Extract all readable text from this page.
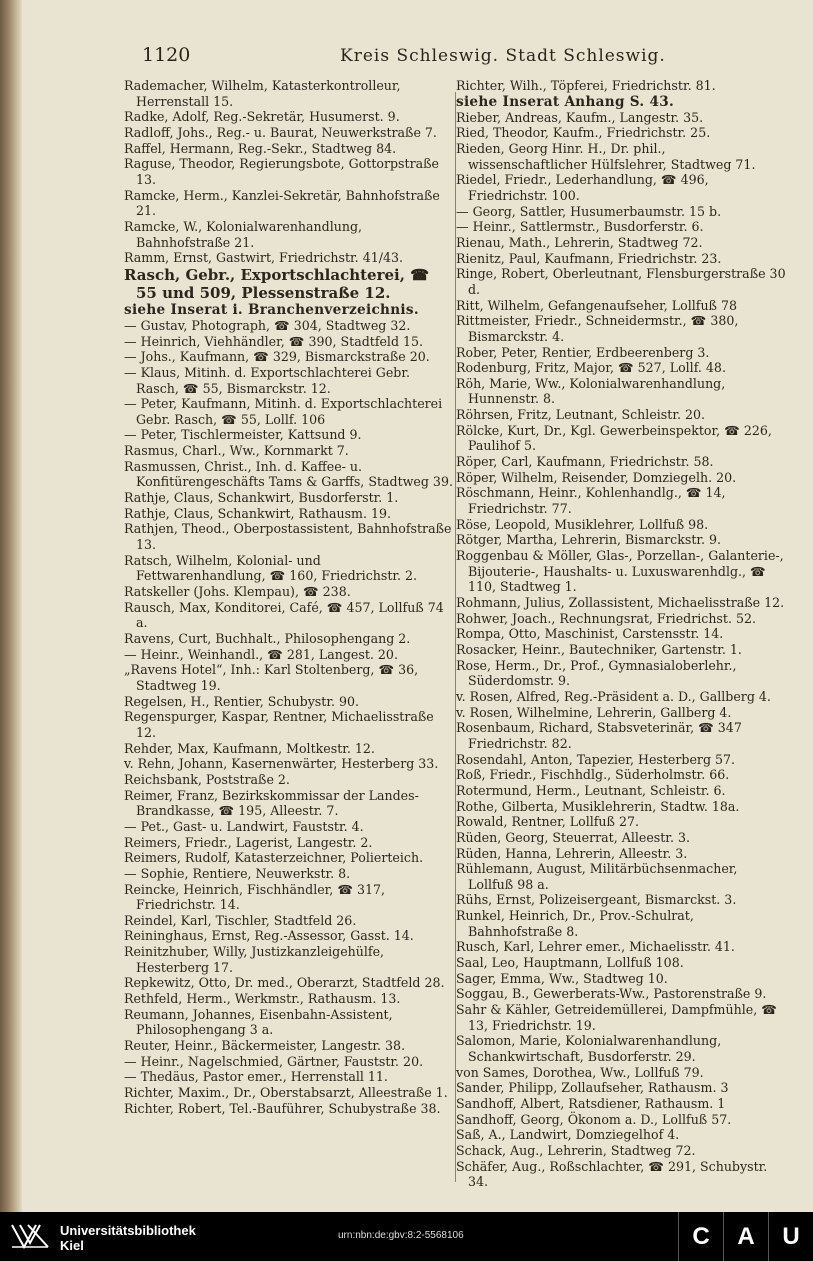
1120	Kreis Schleswig. Stadt Schleswig.
Rademacher, Wilhelm, Katasterkontrolleur, Herrenstall 15.
Radke, Adolf, Reg.-Sekretär, Husumerst. 9.
Radloff, Johs., Reg.- u. Baurat, Neuwerkstraße 7.
Raffel, Hermann, Reg.-Sekr., Stadtweg 84.
Raguse, Theodor, Regierungsbote, Gottorpstraße 13.
Ramcke, Herm., Kanzlei-Sekretär, Bahnhofstraße 21.
Ramcke, W., Kolonialwarenhandlung, Bahnhofstraße 21.
Ramm, Ernst, Gastwirt, Friedrichstr. 41/43.
Rasch, Gebr., Exportschlachterei, ☎ 55 und 509, Plessenstraße 12.
siehe Inserat i. Branchenverzeichnis.
— Gustav, Photograph, ☎ 304, Stadtweg 32.
— Heinrich, Viehhändler, ☎ 390, Stadtfeld 15.
— Johs., Kaufmann, ☎ 329, Bismarckstraße 20.
— Klaus, Mitinh. d. Exportschlachterei Gebr. Rasch, ☎ 55, Bismarckstr. 12.
— Peter, Kaufmann, Mitinh. d. Exportschlachterei Gebr. Rasch, ☎ 55, Lollf. 106
— Peter, Tischlermeister, Kattsund 9.
Rasmus, Charl., Ww., Kornmarkt 7.
Rasmussen, Christ., Inh. d. Kaffee- u. Konfitürengeschäfts Tams & Garffs, Stadtweg 39.
Rathje, Claus, Schankwirt, Busdorferstr. 1.
Rathje, Claus, Schankwirt, Rathausm. 19.
Rathjen, Theod., Oberpostassistent, Bahnhofstraße 13.
Ratsch, Wilhelm, Kolonial- und Fettwarenhandlung, ☎ 160, Friedrichstr. 2.
Ratskeller (Johs. Klempau), ☎ 238.
Rausch, Max, Konditorei, Café, ☎ 457, Lollfuß 74 a.
Ravens, Curt, Buchhalt., Philosophengang 2.
— Heinr., Weinhandl., ☎ 281, Langest. 20.
„Ravens Hotel“, Inh.: Karl Stoltenberg, ☎ 36, Stadtweg 19.
Regelsen, H., Rentier, Schubystr. 90.
Regenspurger, Kaspar, Rentner, Michaelisstraße 12.
Rehder, Max, Kaufmann, Moltkestr. 12.
v. Rehn, Johann, Kasernenwärter, Hesterberg 33.
Reichsbank, Poststraße 2.
Reimer, Franz, Bezirkskommissar der Landes-Brandkasse, ☎ 195, Alleestr. 7.
— Pet., Gast- u. Landwirt, Fauststr. 4.
Reimers, Friedr., Lagerist, Langestr. 2.
Reimers, Rudolf, Katasterzeichner, Polierteich.
— Sophie, Rentiere, Neuwerkstr. 8.
Reincke, Heinrich, Fischhändler, ☎ 317, Friedrichstr. 14.
Reindel, Karl, Tischler, Stadtfeld 26.
Reininghaus, Ernst, Reg.-Assessor, Gasst. 14.
Reinitzhuber, Willy, Justizkanzleigehülfe, Hesterberg 17.
Repkewitz, Otto, Dr. med., Oberarzt, Stadtfeld 28.
Rethfeld, Herm., Werkmstr., Rathausm. 13.
Reumann, Johannes, Eisenbahn-Assistent, Philosophengang 3 a.
Reuter, Heinr., Bäckermeister, Langestr. 38.
— Heinr., Nagelschmied, Gärtner, Fauststr. 20.
— Thedäus, Pastor emer., Herrenstall 11.
Richter, Maxim., Dr., Oberstabsarzt, Alleestraße 1.
Richter, Robert, Tel.-Bauführer, Schubystraße 38.
Richter, Wilh., Töpferei, Friedrichstr. 81.
siehe Inserat Anhang S. 43.
Rieber, Andreas, Kaufm., Langestr. 35.
Ried, Theodor, Kaufm., Friedrichstr. 25.
Rieden, Georg Hinr. H., Dr. phil., wissenschaftlicher Hülfslehrer, Stadtweg 71.
Riedel, Friedr., Lederhandlung, ☎ 496, Friedrichstr. 100.
— Georg, Sattler, Husumerbaumstr. 15 b.
— Heinr., Sattlermstr., Busdorferstr. 6.
Rienau, Math., Lehrerin, Stadtweg 72.
Rienitz, Paul, Kaufmann, Friedrichstr. 23.
Ringe, Robert, Oberleutnant, Flensburgerstraße 30 d.
Ritt, Wilhelm, Gefangenaufseher, Lollfuß 78
Rittmeister, Friedr., Schneidermstr., ☎ 380, Bismarckstr. 4.
Rober, Peter, Rentier, Erdbeerenberg 3.
Rodenburg, Fritz, Major, ☎ 527, Lollf. 48.
Röh, Marie, Ww., Kolonialwarenhandlung, Hunnenstr. 8.
Röhrsen, Fritz, Leutnant, Schleistr. 20.
Rölcke, Kurt, Dr., Kgl. Gewerbeinspektor, ☎ 226, Paulihof 5.
Röper, Carl, Kaufmann, Friedrichstr. 58.
Röper, Wilhelm, Reisender, Domziegelh. 20.
Röschmann, Heinr., Kohlenhandlg., ☎ 14, Friedrichstr. 77.
Röse, Leopold, Musiklehrer, Lollfuß 98.
Rötger, Martha, Lehrerin, Bismarckstr. 9.
Roggenbau & Möller, Glas-, Porzellan-, Galanterie-, Bijouterie-, Haushalts- u. Luxuswarenhdlg., ☎ 110, Stadtweg 1.
Rohmann, Julius, Zollassistent, Michaelisstraße 12.
Rohwer, Joach., Rechnungsrat, Friedrichst. 52.
Rompa, Otto, Maschinist, Carstensstr. 14.
Rosacker, Heinr., Bautechniker, Gartenstr. 1.
Rose, Herm., Dr., Prof., Gymnasialoberlehr., Süderdomstr. 9.
v. Rosen, Alfred, Reg.-Präsident a. D., Gallberg 4.
v. Rosen, Wilhelmine, Lehrerin, Gallberg 4.
Rosenbaum, Richard, Stabsveterinär, ☎ 347 Friedrichstr. 82.
Rosendahl, Anton, Tapezier, Hesterberg 57.
Roß, Friedr., Fischhdlg., Süderholmstr. 66.
Rotermund, Herm., Leutnant, Schleistr. 6.
Rothe, Gilberta, Musiklehrerin, Stadtw. 18a.
Rowald, Rentner, Lollfuß 27.
Rüden, Georg, Steuerrat, Alleestr. 3.
Rüden, Hanna, Lehrerin, Alleestr. 3.
Rühlemann, August, Militärbüchsenmacher, Lollfuß 98 a.
Rühs, Ernst, Polizeisergeant, Bismarckst. 3.
Runkel, Heinrich, Dr., Prov.-Schulrat, Bahnhofstraße 8.
Rusch, Karl, Lehrer emer., Michaelisstr. 41.
Saal, Leo, Hauptmann, Lollfuß 108.
Sager, Emma, Ww., Stadtweg 10.
Soggau, B., Gewerberats-Ww., Pastorenstraße 9.
Sahr & Kähler, Getreidemüllerei, Dampfmühle, ☎ 13, Friedrichstr. 19.
Salomon, Marie, Kolonialwarenhandlung, Schankwirtschaft, Busdorferstr. 29.
von Sames, Dorothea, Ww., Lollfuß 79.
Sander, Philipp, Zollaufseher, Rathausm. 3
Sandhoff, Albert, Ratsdiener, Rathausm. 1
Sandhoff, Georg, Ökonom a. D., Lollfuß 57.
Saß, A., Landwirt, Domziegelhof 4.
Schack, Aug., Lehrerin, Stadtweg 72.
Schäfer, Aug., Roßschlachter, ☎ 291, Schubystr. 34.
Universitätsbibliothek
Kiel
urn:nbn:de:gbv:8:2-5568106	C	A	U
